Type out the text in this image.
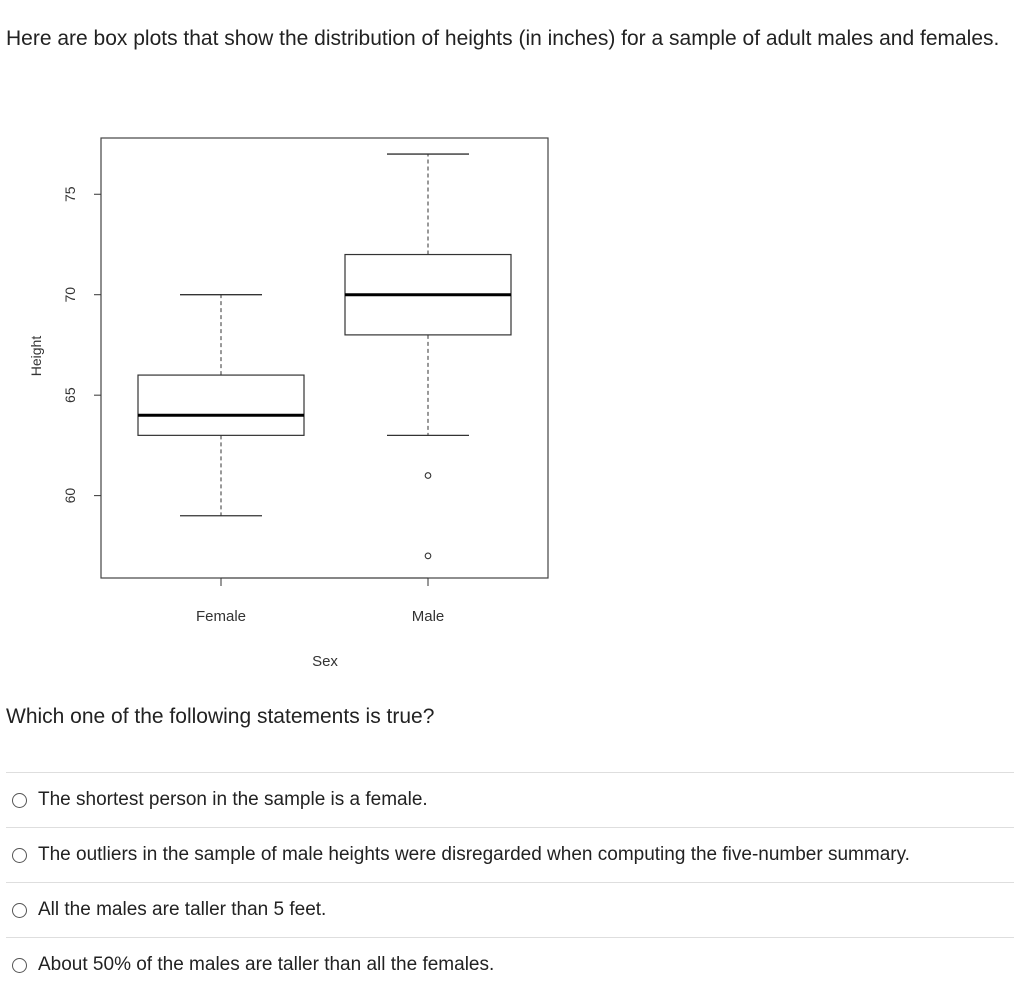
Here are box plots that show the distribution of heights (in inches) for a sample of adult males and females.
60
65
70
75
Height
Female	Male
Sex
Which one of the following statements is true?
The shortest person in the sample is a female.
The outliers in the sample of male heights were disregarded when computing the five-number summary.
All the males are taller than 5 feet.
About 50% of the males are taller than all the females.
